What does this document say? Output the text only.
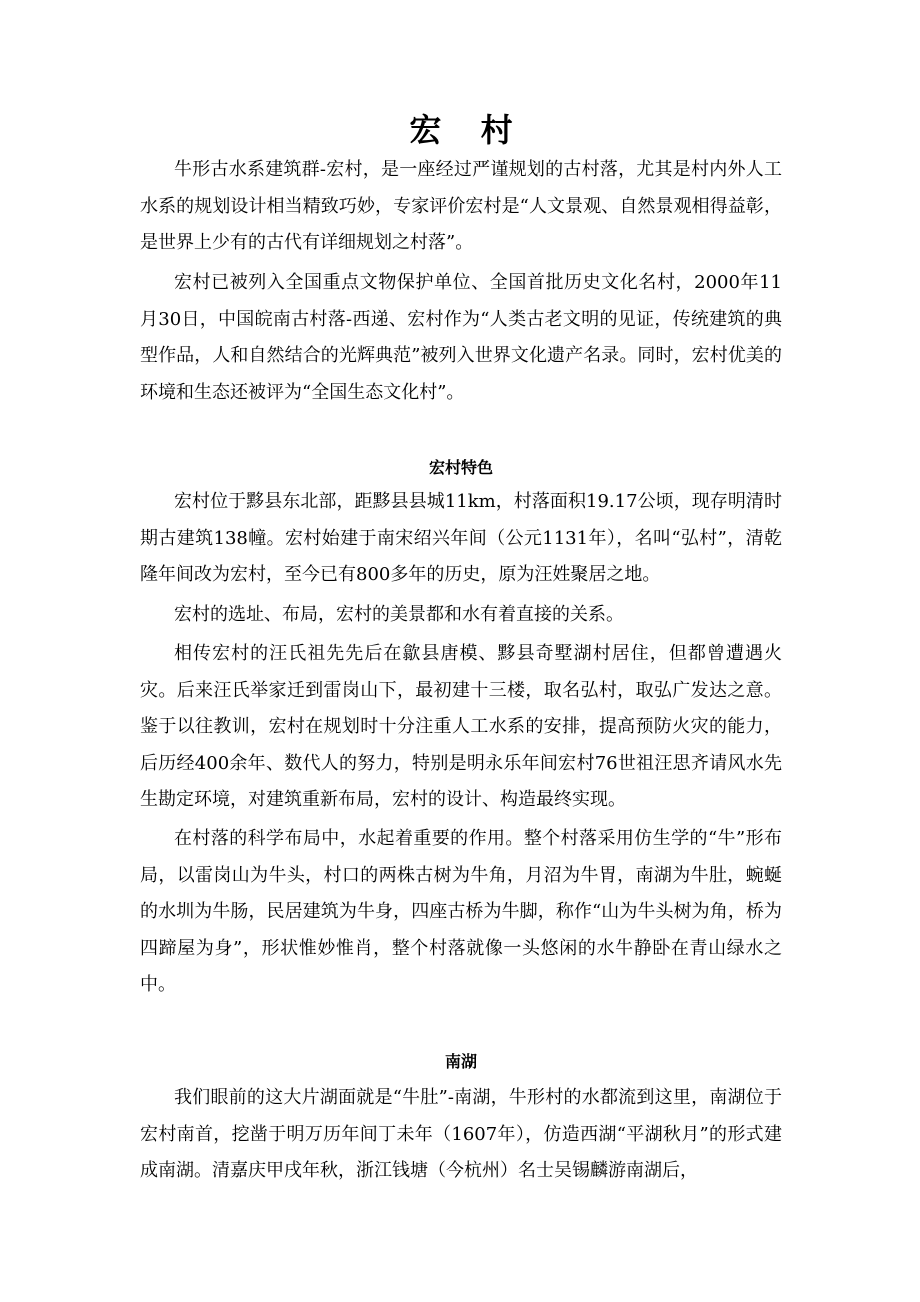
宏 村

牛形古水系建筑群-宏村，是一座经过严谨规划的古村落，尤其是村内外人工水系的规划设计相当精致巧妙，专家评价宏村是“人文景观、自然景观相得益彰，是世界上少有的古代有详细规划之村落”。

宏村已被列入全国重点文物保护单位、全国首批历史文化名村，2000年11月30日，中国皖南古村落-西递、宏村作为“人类古老文明的见证，传统建筑的典型作品，人和自然结合的光辉典范”被列入世界文化遗产名录。同时，宏村优美的环境和生态还被评为“全国生态文化村”。

宏村特色

宏村位于黟县东北部，距黟县县城11km，村落面积19.17公顷，现存明清时期古建筑138幢。宏村始建于南宋绍兴年间（公元1131年），名叫“弘村”，清乾隆年间改为宏村，至今已有800多年的历史，原为汪姓聚居之地。

宏村的选址、布局，宏村的美景都和水有着直接的关系。

相传宏村的汪氏祖先先后在歙县唐模、黟县奇墅湖村居住，但都曾遭遇火灾。后来汪氏举家迁到雷岗山下，最初建十三楼，取名弘村，取弘广发达之意。鉴于以往教训，宏村在规划时十分注重人工水系的安排，提高预防火灾的能力，后历经400余年、数代人的努力，特别是明永乐年间宏村76世祖汪思齐请风水先生勘定环境，对建筑重新布局，宏村的设计、构造最终实现。

在村落的科学布局中，水起着重要的作用。整个村落采用仿生学的“牛”形布局，以雷岗山为牛头，村口的两株古树为牛角，月沼为牛胃，南湖为牛肚，蜿蜒的水圳为牛肠，民居建筑为牛身，四座古桥为牛脚，称作“山为牛头树为角，桥为四蹄屋为身”，形状惟妙惟肖，整个村落就像一头悠闲的水牛静卧在青山绿水之中。

南湖

我们眼前的这大片湖面就是“牛肚”-南湖，牛形村的水都流到这里，南湖位于宏村南首，挖凿于明万历年间丁未年（1607年），仿造西湖“平湖秋月”的形式建成南湖。清嘉庆甲戌年秋，浙江钱塘（今杭州）名士吴锡麟游南湖后，
